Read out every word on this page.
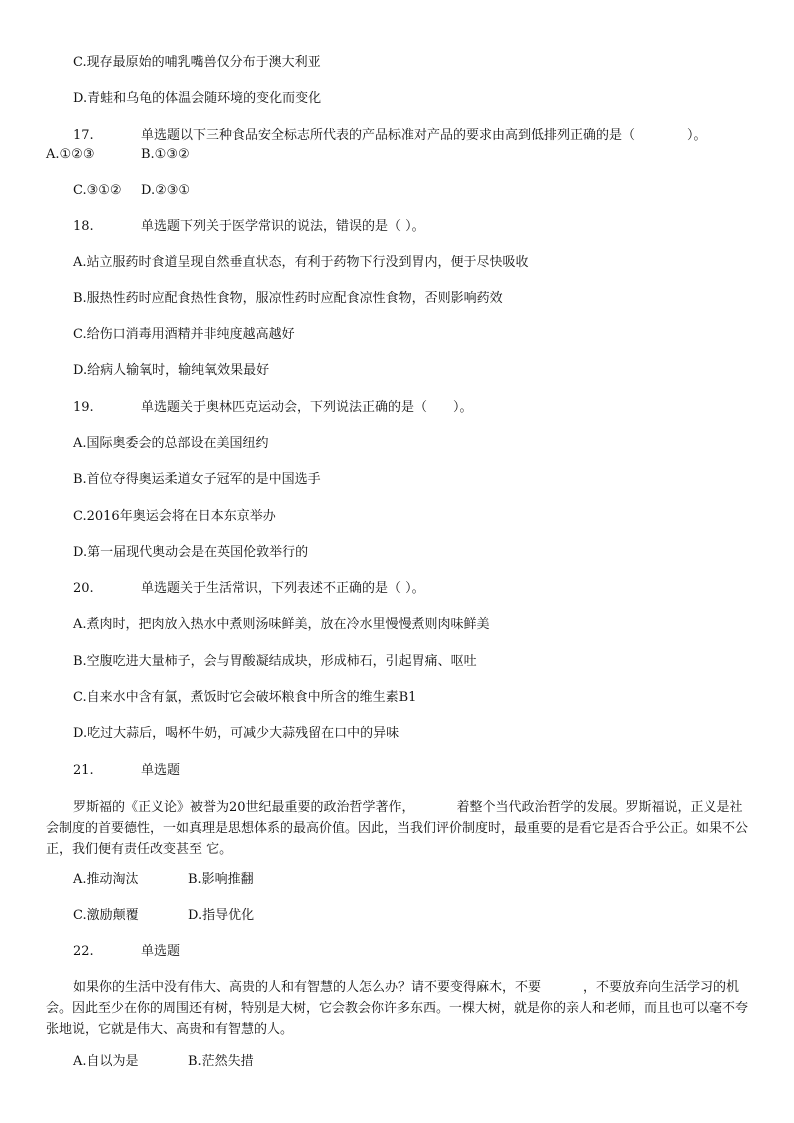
C.现存最原始的哺乳嘴兽仅分布于澳大利亚
D.青蛙和乌龟的体温会随环境的变化而变化
17.	单选题以下三种食品安全标志所代表的产品标准对产品的要求由高到低排列正确的是（　　　　）。
A.①②③	B.①③②
C.③①② D.②③①
18.	单选题下列关于医学常识的说法，错误的是（ ）。
A.站立服药时食道呈现自然垂直状态，有利于药物下行没到胃内，便于尽快吸收
B.服热性药时应配食热性食物，服凉性药时应配食凉性食物，否则影响药效
C.给伤口消毒用酒精并非纯度越高越好
D.给病人输氧时，输纯氧效果最好
19.	单选题关于奥林匹克运动会，下列说法正确的是（　　）。
A.国际奥委会的总部设在美国纽约
B.首位夺得奥运柔道女子冠军的是中国选手
C.2016年奥运会将在日本东京举办
D.第一届现代奥动会是在英国伦敦举行的
20.	单选题关于生活常识，下列表述不正确的是（ ）。
A.煮肉时，把肉放入热水中煮则汤味鲜美，放在冷水里慢慢煮则肉味鲜美
B.空腹吃进大量柿子，会与胃酸凝结成块，形成柿石，引起胃痛、呕吐
C.自来水中含有氯，煮饭时它会破坏粮食中所含的维生素B1
D.吃过大蒜后，喝杯牛奶，可减少大蒜残留在口中的异味
21.	单选题
罗斯福的《正义论》被誉为20世纪最重要的政治哲学著作，	着整个当代政治哲学的发展。罗斯福说，正义是社会制度的首要德性，一如真理是思想体系的最高价值。因此，当我们评价制度时，最重要的是看它是否合乎公正。如果不公正，我们便有责任改变甚至 它。
A.推动淘汰	B.影响推翻
C.激励颠覆	D.指导优化
22.	单选题
如果你的生活中没有伟大、高贵的人和有智慧的人怎么办？请不要变得麻木，不要	，不要放弃向生活学习的机会。因此至少在你的周围还有树，特别是大树，它会教会你许多东西。一棵大树，就是你的亲人和老师，而且也可以毫不夸张地说，它就是伟大、高贵和有智慧的人。
A.自以为是	B.茫然失措
